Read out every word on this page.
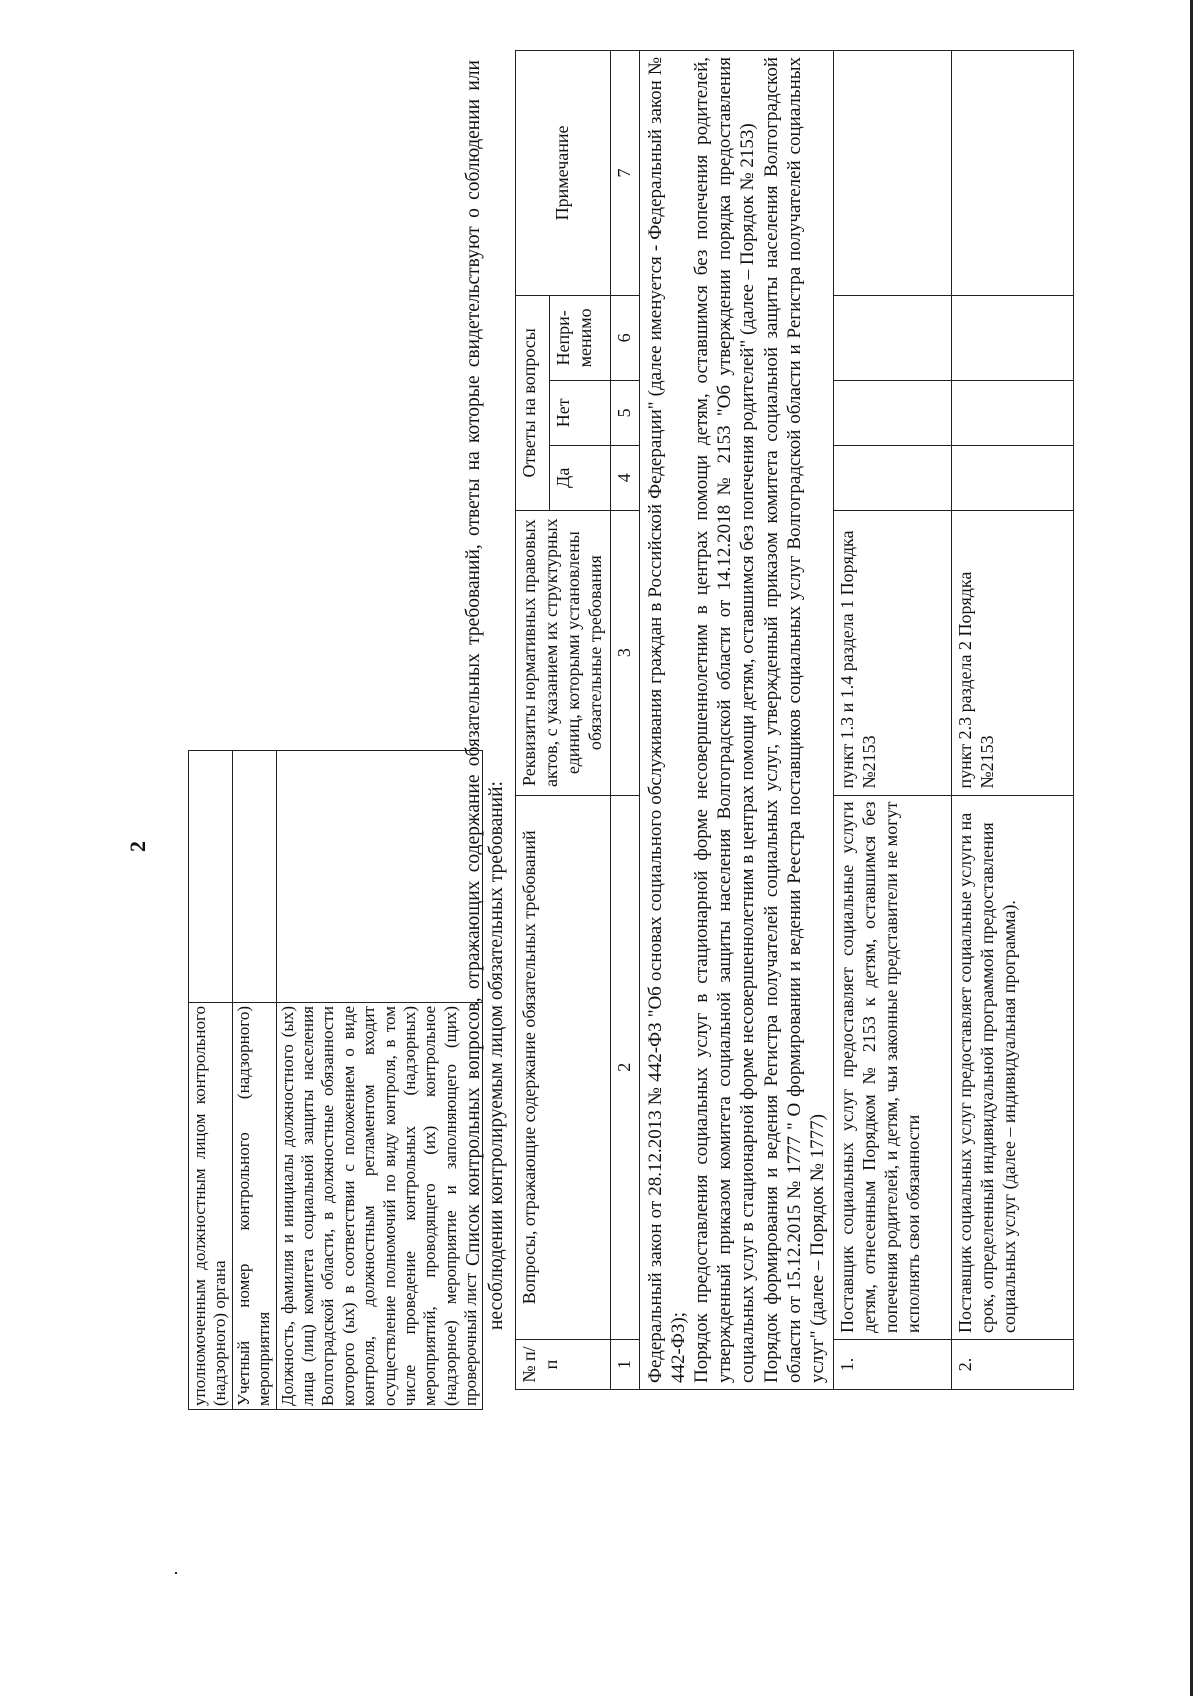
2
уполномоченным должностным лицом контрольного (надзорного) органа	
Учетный номер контрольного (надзорного) мероприятия	
Должность, фамилия и инициалы должностного (ых) лица (лиц) комитета социальной защиты населения Волгоградской области, в должностные обязанности которого (ых) в соответствии с положением о виде контроля, должностным регламентом входит осуществление полномочий по виду контроля, в том числе проведение контрольных (надзорных) мероприятий, проводящего (их) контрольное (надзорное) мероприятие и заполняющего (щих) проверочный лист	
Список контрольных вопросов, отражающих содержание обязательных требований, ответы на которые свидетельствуют о соблюдении или несоблюдении контролируемым лицом обязательных требований:
№ п/п	Вопросы, отражающие содержание обязательных требований	Реквизиты нормативных правовых актов, с указанием их структурных единиц, которыми установлены обязательные требования	Ответы на вопросы			Примечание
			Да	Нет	Непри-менимо	
1	2	3	4	5	6	7

Федеральный закон от 28.12.2013 № 442-ФЗ "Об основах социального обслуживания граждан в Российской Федерации" (далее именуется - Федеральный закон № 442-ФЗ); Порядок предоставления социальных услуг в стационарной форме несовершеннолетним в центрах помощи детям, оставшимся без попечения родителей, утвержденный приказом комитета социальной защиты населения Волгоградской области от 14.12.2018 № 2153 "Об утверждении порядка предоставления социальных услуг в стационарной форме несовершеннолетним в центрах помощи детям, оставшимся без попечения родителей" (далее – Порядок № 2153) Порядок формирования и ведения Регистра получателей социальных услуг, утвержденный приказом комитета социальной защиты населения Волгоградской области от 15.12.2015 № 1777 " О формировании и ведении Реестра поставщиков социальных услуг Волгоградской области и Регистра получателей социальных услуг" (далее – Порядок № 1777)						

1.	Поставщик социальных услуг предоставляет социальные услуги детям, отнесенным Порядком № 2153 к детям, оставшимся без попечения родителей, и детям, чьи законные представители не могут исполнять свои обязанности	пункт 1.3 и 1.4 раздела 1 Порядка №2153				
2.	Поставщик социальных услуг предоставляет социальные услуги на срок, определенный индивидуальной программой предоставления социальных услуг (далее – индивидуальная программа).	пункт 2.3 раздела 2 Порядка №2153				
